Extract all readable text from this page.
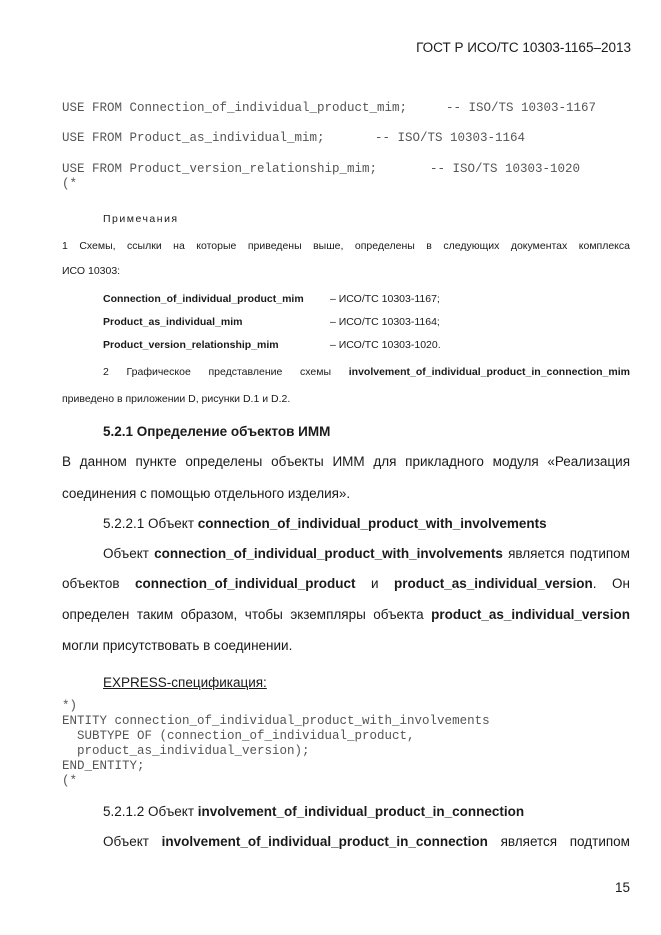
ГОСТ Р ИСО/ТС 10303-1165–2013
USE FROM Connection_of_individual_product_mim;	-- ISO/TS 10303-1167
USE FROM Product_as_individual_mim;	-- ISO/TS 10303-1164
USE FROM Product_version_relationship_mim;	-- ISO/TS 10303-1020
(*
Примечания
1 Схемы, ссылки на которые приведены выше, определены в следующих документах комплекса
ИСО 10303:
Connection_of_individual_product_mim	– ИСО/ТС 10303-1167;
Product_as_individual_mim	– ИСО/ТС 10303-1164;
Product_version_relationship_mim	– ИСО/ТС 10303-1020.
2 Графическое представление схемы involvement_of_individual_product_in_connection_mim
приведено в приложении D, рисунки D.1 и D.2.
5.2.1 Определение объектов ИММ
В данном пункте определены объекты ИММ для прикладного модуля «Реализация
соединения с помощью отдельного изделия».
5.2.2.1 Объект connection_of_individual_product_with_involvements
Объект connection_of_individual_product_with_involvements является подтипом
объектов connection_of_individual_product и product_as_individual_version. Он
определен таким образом, чтобы экземпляры объекта product_as_individual_version
могли присутствовать в соединении.
EXPRESS-спецификация:
*)
ENTITY connection_of_individual_product_with_involvements
SUBTYPE OF (connection_of_individual_product,
product_as_individual_version);
END_ENTITY;
(*
5.2.1.2 Объект involvement_of_individual_product_in_connection
Объект involvement_of_individual_product_in_connection является подтипом
15
